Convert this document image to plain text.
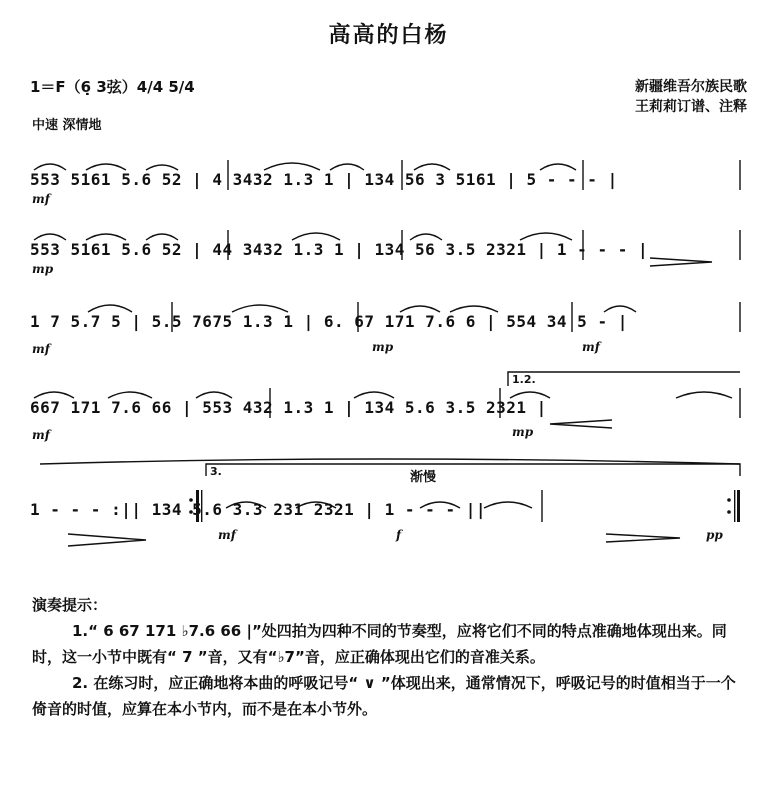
高高的白杨
1＝F（6̣ 3弦）4/4 5/4
中速 深情地
新疆维吾尔族民歌
王莉莉订谱、注释
553 5161 5.6 52 | 4 3432 1.3 1 | 134 56 3 5161 | 5 - - - |
553 5161 5.6 52 | 44 3432 1.3 1 | 134 56 3.5 2321 | 1 - - - |
1 7 5.7 5 | 5.5 7675 1.3 1 | 6. 67 171 7.6 6 | 554 34 5 - |
667 171 7.6 66 | 553 432 1.3 1 | 134 5.6 3.5 2321 |
1 - - - :|| 134 5.6 3.3 231 2321 | 1 - - - ||
1.2.
3.	渐慢
mf
mp
mf	mp	mf
mf	mp
mf	f	pp
演奏提示：
1.“ 6 67 171 ♭7.6 66 |”处四拍为四种不同的节奏型，应将它们不同的特点准确地体现出来。同时，这一小节中既有“ 7 ”音，又有“♭7”音，应正确体现出它们的音准关系。
2. 在练习时，应正确地将本曲的呼吸记号“ ∨ ”体现出来，通常情况下，呼吸记号的时值相当于一个倚音的时值，应算在本小节内，而不是在本小节外。
